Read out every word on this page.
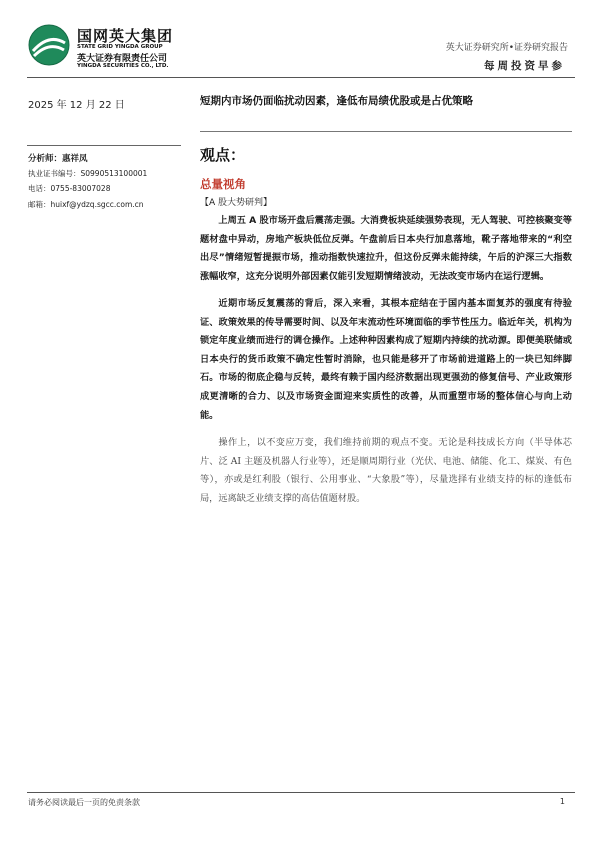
国网英大集团
STATE GRID YINGDA GROUP
英大证券有限责任公司
YINGDA SECURITIES CO., LTD.
英大证券研究所•证券研究报告
每周投资早参
2025 年 12 月 22 日	短期内市场仍面临扰动因素，逢低布局绩优股或是占优策略
分析师：惠祥凤
执业证书编号：S0990513100001
电话：0755-83007028
邮箱：huixf@ydzq.sgcc.com.cn
观点：
总量视角
【A 股大势研判】

上周五 A 股市场开盘后震荡走强。大消费板块延续强势表现，无人驾驶、可控核聚变等题材盘中异动，房地产板块低位反弹。午盘前后日本央行加息落地，靴子落地带来的“利空出尽”情绪短暂提振市场，推动指数快速拉升，但这份反弹未能持续，午后的沪深三大指数涨幅收窄，这充分说明外部因素仅能引发短期情绪波动，无法改变市场内在运行逻辑。

近期市场反复震荡的背后，深入来看，其根本症结在于国内基本面复苏的强度有待验证、政策效果的传导需要时间、以及年末流动性环境面临的季节性压力。临近年关，机构为锁定年度业绩而进行的调仓操作。上述种种因素构成了短期内持续的扰动源。即便美联储或日本央行的货币政策不确定性暂时消除，也只能是移开了市场前进道路上的一块已知绊脚石。市场的彻底企稳与反转，最终有赖于国内经济数据出现更强劲的修复信号、产业政策形成更清晰的合力、以及市场资金面迎来实质性的改善，从而重塑市场的整体信心与向上动能。

操作上，以不变应万变，我们维持前期的观点不变。无论是科技成长方向（半导体芯片、泛 AI 主题及机器人行业等），还是顺周期行业（光伏、电池、储能、化工、煤炭、有色等），亦或是红利股（银行、公用事业、“大象股”等），尽量选择有业绩支持的标的逢低布局，远离缺乏业绩支撑的高估值题材股。

请务必阅读最后一页的免责条款	1
